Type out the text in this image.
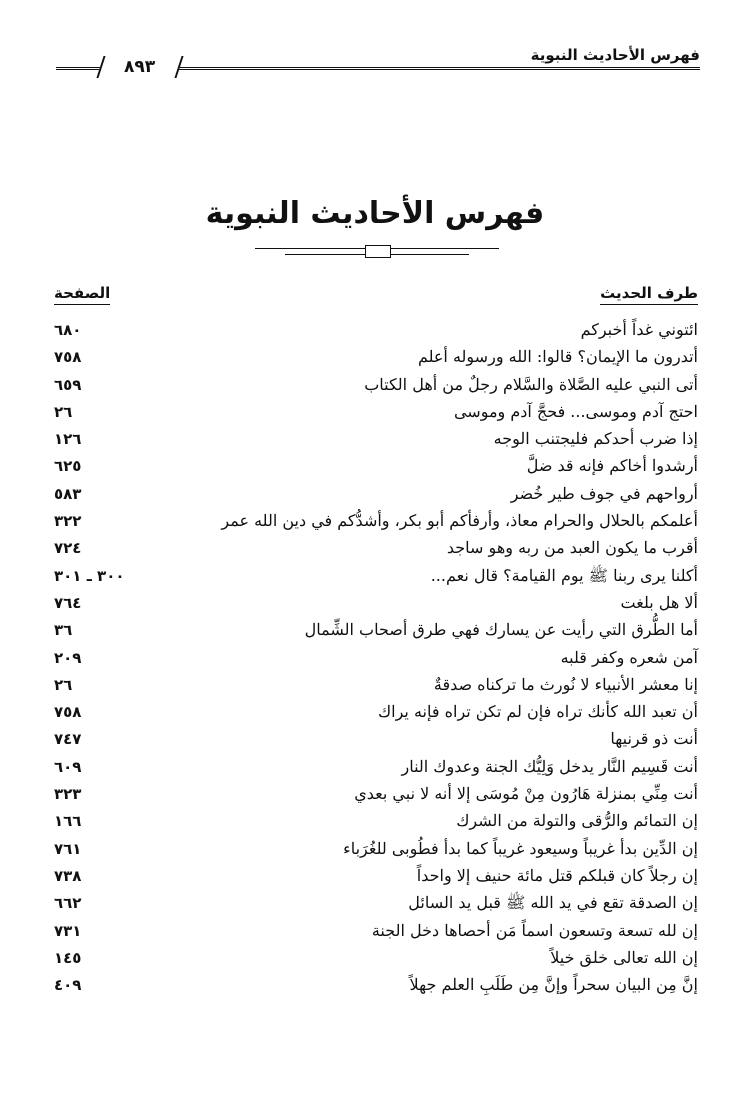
فهرس الأحاديث النبوية
٨٩٣
فهرس الأحاديث النبوية
طرف الحديث
الصفحة
ائتوني غداً أخبركم
٦٨٠
أتدرون ما الإيمان؟ قالوا: الله ورسوله أعلم
٧٥٨
أتى النبي عليه الصَّلاة والسَّلام رجلٌ من أهل الكتاب
٦٥٩
احتج آدم وموسى... فحجَّ آدم وموسى
٢٦
إذا ضرب أحدكم فليجتنب الوجه
١٢٦
أرشدوا أخاكم فإنه قد ضلَّ
٦٢٥
أرواحهم في جوف طير خُضر
٥٨٣
أعلمكم بالحلال والحرام معاذ، وأرفأكم أبو بكر، وأشدُّكم في دين الله عمر
٣٢٢
أقرب ما يكون العبد من ربه وهو ساجد
٧٢٤
أكلنا يرى ربنا ﷺ يوم القيامة؟ قال نعم...
٣٠٠ ـ ٣٠١
ألا هل بلغت
٧٦٤
أما الطُّرق التي رأيت عن يسارك فهي طرق أصحاب الشِّمال
٣٦
آمن شعره وكفر قلبه
٢٠٩
إنا معشر الأنبياء لا نُورث ما تركناه صدقةٌ
٢٦
أن تعبد الله كأنك تراه فإن لم تكن تراه فإنه يراك
٧٥٨
أنت ذو قرنيها
٧٤٧
أنت قَسِيم النَّار يدخل وَلِيُّك الجنة وعدوك النار
٦٠٩
أنت مِنِّي بمنزلة هَارُون مِنْ مُوسَى إلا أنه لا نبي بعدي
٣٢٣
إن التمائم والرُّقى والتولة من الشرك
١٦٦
إن الدِّين بدأ غريباً وسيعود غريباً كما بدأ فطُوبى للغُرَباء
٧٦١
إن رجلاً كان قبلكم قتل مائة حنيف إلا واحداً
٧٣٨
إن الصدقة تقع في يد الله ﷺ قبل يد السائل
٦٦٢
إن لله تسعة وتسعون اسماً مَن أحصاها دخل الجنة
٧٣١
إن الله تعالى خلق خيلاً
١٤٥
إنَّ مِن البيان سحراً وإنَّ مِن طَلَبِ العلم جهلاً
٤٠٩
